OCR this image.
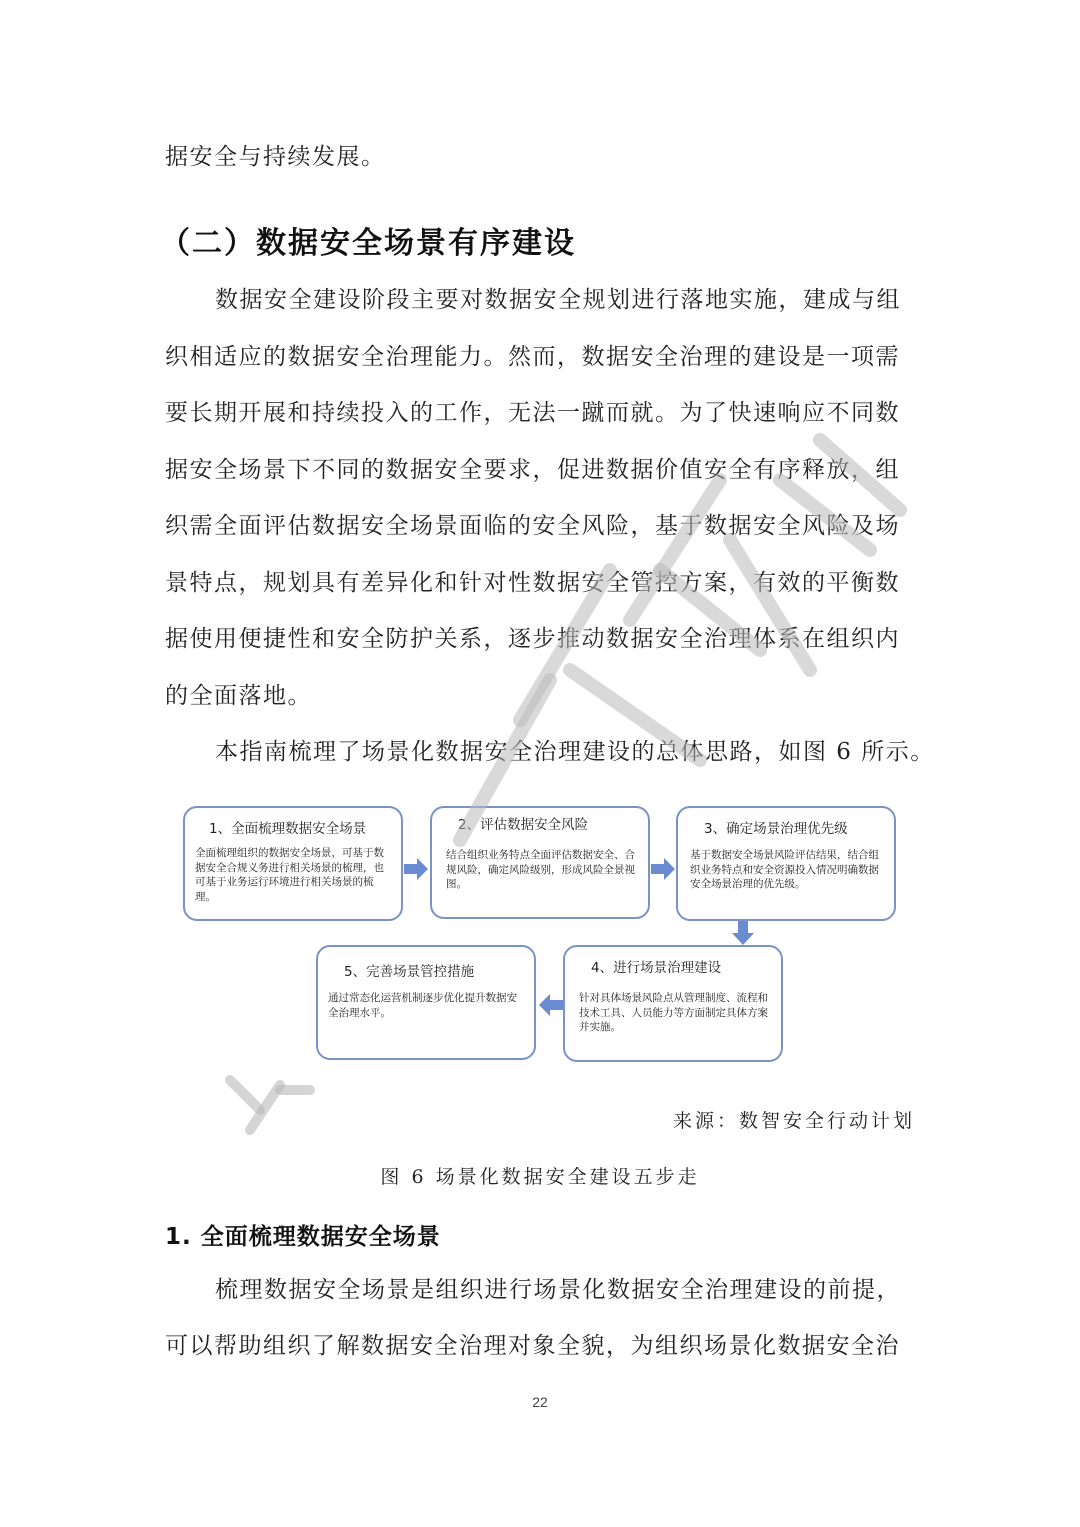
据安全与持续发展。
（二）数据安全场景有序建设
数据安全建设阶段主要对数据安全规划进行落地实施，建成与组
织相适应的数据安全治理能力。然而，数据安全治理的建设是一项需
要长期开展和持续投入的工作，无法一蹴而就。为了快速响应不同数
据安全场景下不同的数据安全要求，促进数据价值安全有序释放，组
织需全面评估数据安全场景面临的安全风险，基于数据安全风险及场
景特点，规划具有差异化和针对性数据安全管控方案，有效的平衡数
据使用便捷性和安全防护关系，逐步推动数据安全治理体系在组织内
的全面落地。
本指南梳理了场景化数据安全治理建设的总体思路，如图 6 所示。
1、全面梳理数据安全场景
全面梳理组织的数据安全场景，可基于数据安全合规义务进行相关场景的梳理，也可基于业务运行环境进行相关场景的梳理。
2、评估数据安全风险
结合组织业务特点全面评估数据安全、合规风险，确定风险级别，形成风险全景视图。
3、确定场景治理优先级
基于数据安全场景风险评估结果，结合组织业务特点和安全资源投入情况明确数据安全场景治理的优先级。
4、进行场景治理建设
针对具体场景风险点从管理制度、流程和技术工具、人员能力等方面制定具体方案并实施。
5、完善场景管控措施
通过常态化运营机制逐步优化提升数据安全治理水平。
来源：数智安全行动计划
图 6 场景化数据安全建设五步走
1. 全面梳理数据安全场景
梳理数据安全场景是组织进行场景化数据安全治理建设的前提，
可以帮助组织了解数据安全治理对象全貌，为组织场景化数据安全治
22
